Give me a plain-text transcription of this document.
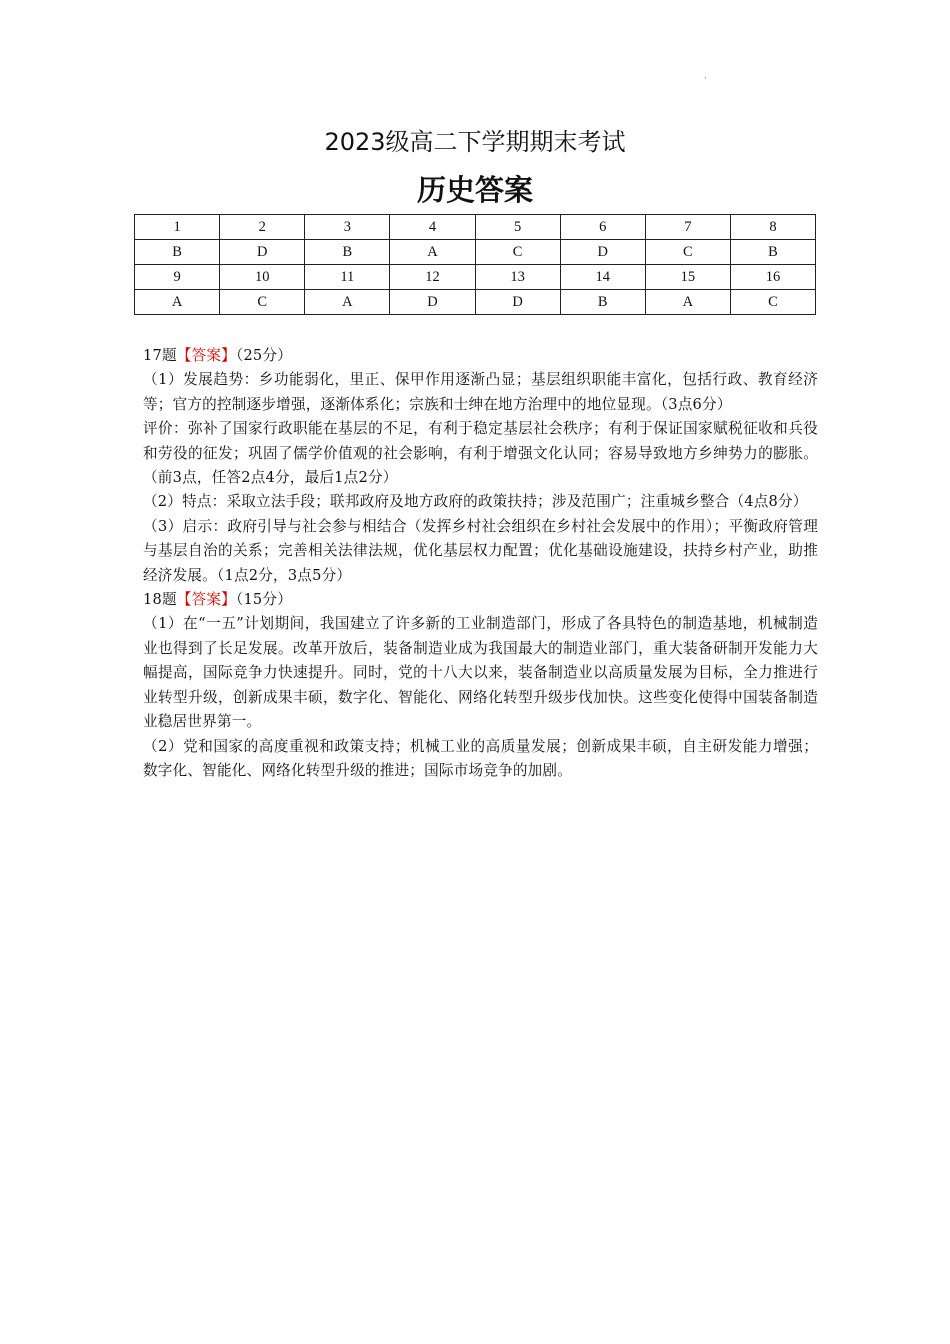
·
2023级高二下学期期末考试
历史答案
1	2	3	4	5	6	7	8
B	D	B	A	C	D	C	B
9	10	11	12	13	14	15	16
A	C	A	D	D	B	A	C

17题【答案】（25分）

（1）发展趋势：乡功能弱化，里正、保甲作用逐渐凸显；基层组织职能丰富化，包括行政、教育经济等；官方的控制逐步增强，逐渐体系化；宗族和士绅在地方治理中的地位显现。（3点6分）

评价：弥补了国家行政职能在基层的不足，有利于稳定基层社会秩序；有利于保证国家赋税征收和兵役和劳役的征发；巩固了儒学价值观的社会影响，有利于增强文化认同；容易导致地方乡绅势力的膨胀。（前3点，任答2点4分，最后1点2分）

（2）特点：采取立法手段；联邦政府及地方政府的政策扶持；涉及范围广；注重城乡整合（4点8分）

（3）启示：政府引导与社会参与相结合（发挥乡村社会组织在乡村社会发展中的作用）；平衡政府管理与基层自治的关系；完善相关法律法规，优化基层权力配置；优化基础设施建设，扶持乡村产业，助推经济发展。（1点2分，3点5分）

18题【答案】（15分）

（1）在“一五”计划期间，我国建立了许多新的工业制造部门，形成了各具特色的制造基地，机械制造业也得到了长足发展。改革开放后，装备制造业成为我国最大的制造业部门，重大装备研制开发能力大幅提高，国际竞争力快速提升。同时，党的十八大以来，装备制造业以高质量发展为目标，全力推进行业转型升级，创新成果丰硕，数字化、智能化、网络化转型升级步伐加快。这些变化使得中国装备制造业稳居世界第一。

（2）党和国家的高度重视和政策支持；机械工业的高质量发展；创新成果丰硕，自主研发能力增强；数字化、智能化、网络化转型升级的推进；国际市场竞争的加剧。
